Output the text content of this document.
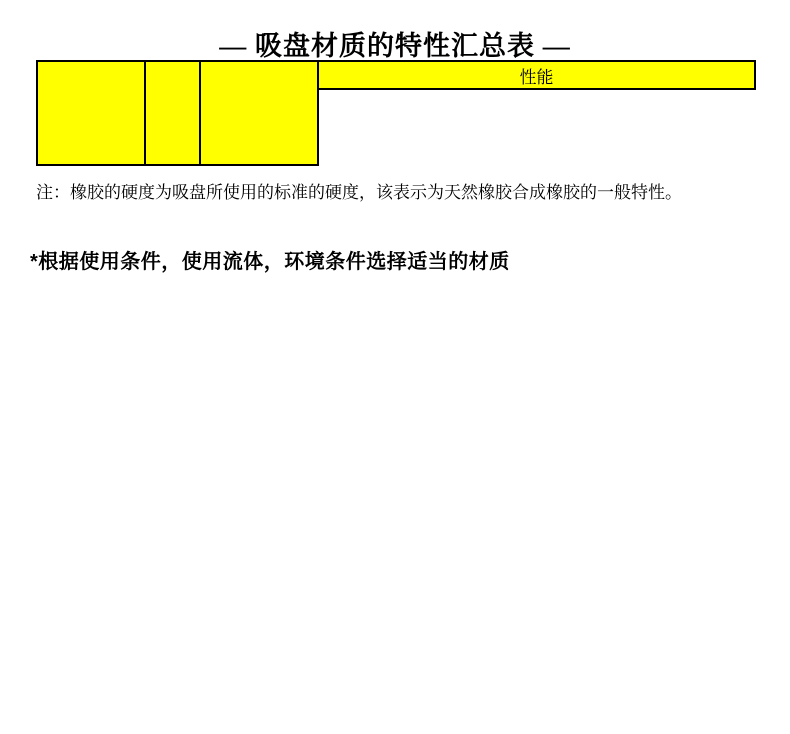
— 吸盘材质的特性汇总表 —
			性能

注：橡胶的硬度为吸盘所使用的标准的硬度，该表示为天然橡胶合成橡胶的一般特性。
*根据使用条件，使用流体，环境条件选择适当的材质
